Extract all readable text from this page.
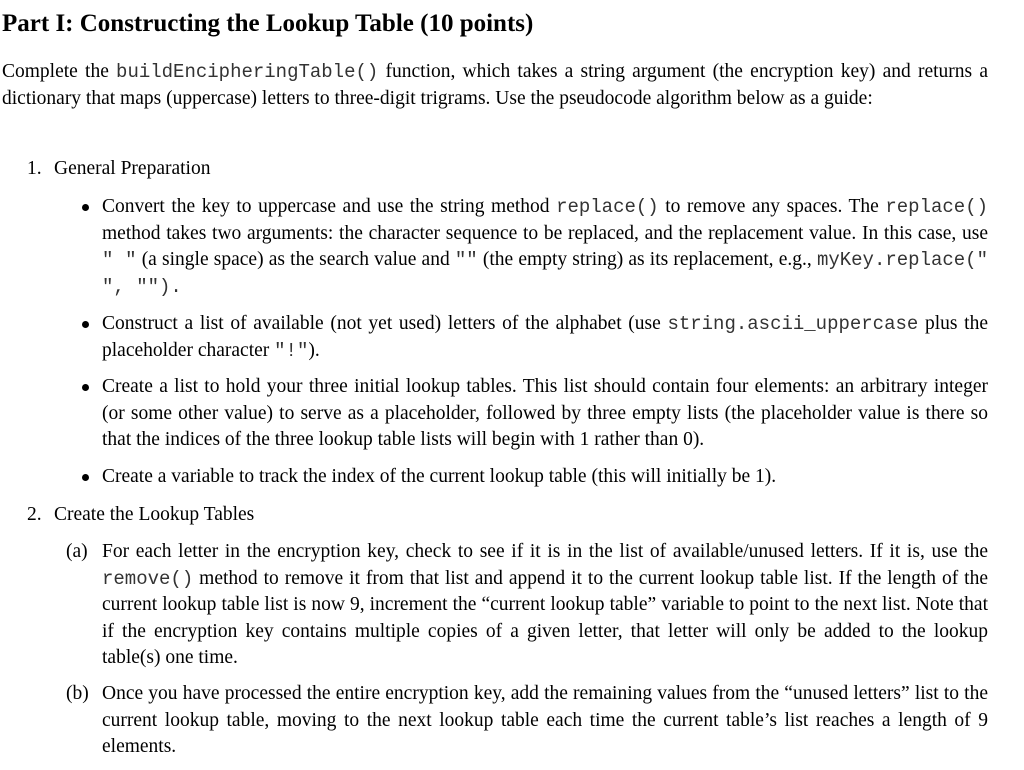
Part I: Constructing the Lookup Table (10 points)

Complete the buildEncipheringTable() function, which takes a string argument (the encryption key) and returns a dictionary that maps (uppercase) letters to three-digit trigrams. Use the pseudocode algorithm below as a guide:

1. General Preparation

Convert the key to uppercase and use the string method replace() to remove any spaces. The replace() method takes two arguments: the character sequence to be replaced, and the replacement value. In this case, use " " (a single space) as the search value and "" (the empty string) as its replacement, e.g., myKey.replace(" ", "").

Construct a list of available (not yet used) letters of the alphabet (use string.ascii_uppercase plus the placeholder character "!").

Create a list to hold your three initial lookup tables. This list should contain four elements: an arbitrary integer (or some other value) to serve as a placeholder, followed by three empty lists (the placeholder value is there so that the indices of the three lookup table lists will begin with 1 rather than 0).

Create a variable to track the index of the current lookup table (this will initially be 1).

2. Create the Lookup Tables
(a) For each letter in the encryption key, check to see if it is in the list of available/unused letters. If it is, use the remove() method to remove it from that list and append it to the current lookup table list. If the length of the current lookup table list is now 9, increment the “current lookup table” variable to point to the next list. Note that if the encryption key contains multiple copies of a given letter, that letter will only be added to the lookup table(s) one time.

(b) Once you have processed the entire encryption key, add the remaining values from the “unused letters” list to the current lookup table, moving to the next lookup table each time the current table’s list reaches a length of 9 elements.
